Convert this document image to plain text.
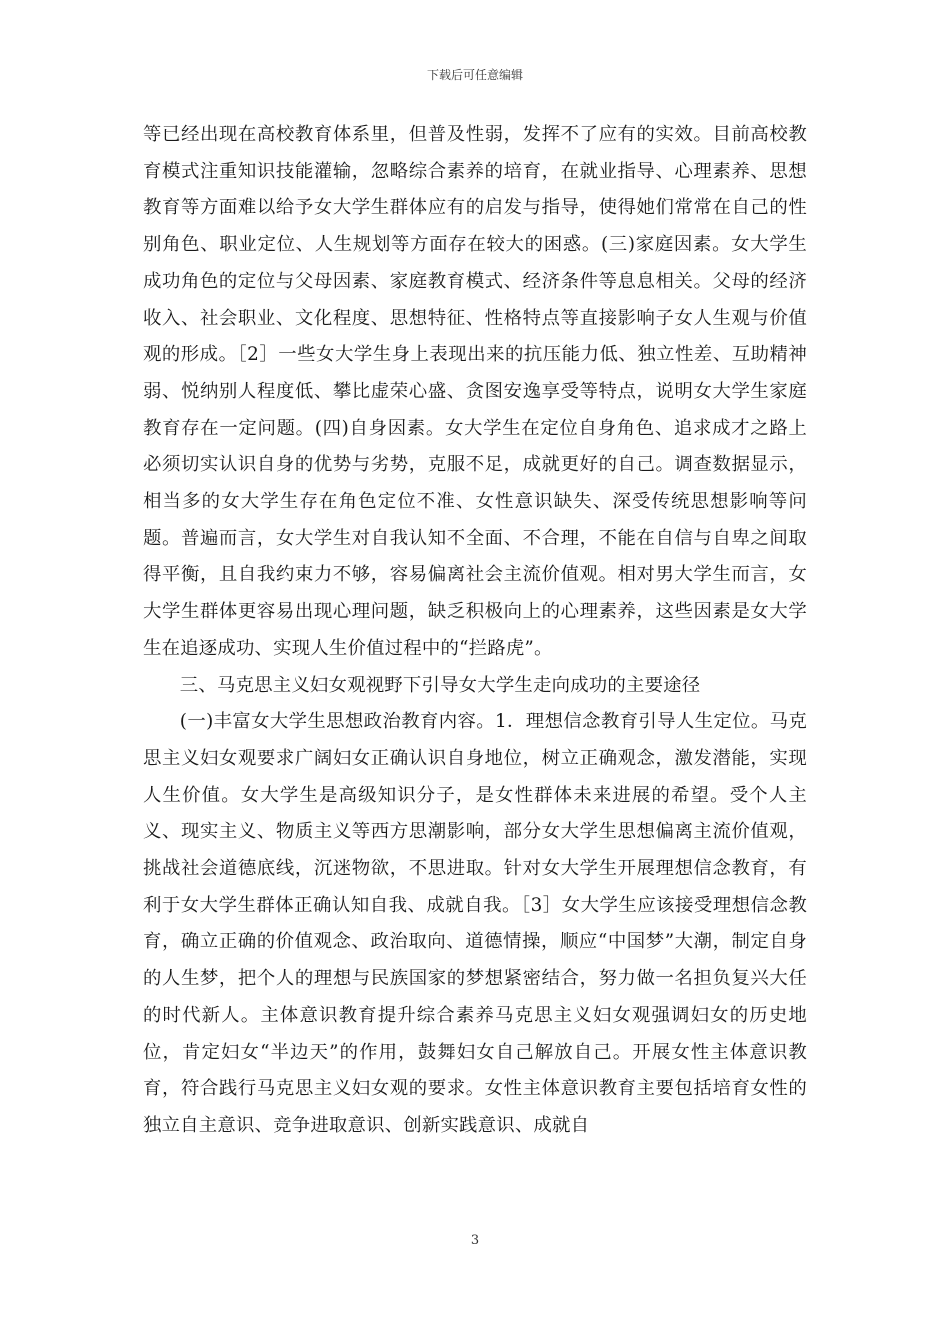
下载后可任意编辑

等已经出现在高校教育体系里，但普及性弱，发挥不了应有的实效。目前高校教育模式注重知识技能灌输，忽略综合素养的培育，在就业指导、心理素养、思想教育等方面难以给予女大学生群体应有的启发与指导，使得她们常常在自己的性别角色、职业定位、人生规划等方面存在较大的困惑。(三)家庭因素。女大学生成功角色的定位与父母因素、家庭教育模式、经济条件等息息相关。父母的经济收入、社会职业、文化程度、思想特征、性格特点等直接影响子女人生观与价值观的形成。［2］一些女大学生身上表现出来的抗压能力低、独立性差、互助精神弱、悦纳别人程度低、攀比虚荣心盛、贪图安逸享受等特点，说明女大学生家庭教育存在一定问题。(四)自身因素。女大学生在定位自身角色、追求成才之路上必须切实认识自身的优势与劣势，克服不足，成就更好的自己。调查数据显示，相当多的女大学生存在角色定位不准、女性意识缺失、深受传统思想影响等问题。普遍而言，女大学生对自我认知不全面、不合理，不能在自信与自卑之间取得平衡，且自我约束力不够，容易偏离社会主流价值观。相对男大学生而言，女大学生群体更容易出现心理问题，缺乏积极向上的心理素养，这些因素是女大学生在追逐成功、实现人生价值过程中的“拦路虎”。

三、马克思主义妇女观视野下引导女大学生走向成功的主要途径

(一)丰富女大学生思想政治教育内容。1．理想信念教育引导人生定位。马克思主义妇女观要求广阔妇女正确认识自身地位，树立正确观念，激发潜能，实现人生价值。女大学生是高级知识分子，是女性群体未来进展的希望。受个人主义、现实主义、物质主义等西方思潮影响，部分女大学生思想偏离主流价值观，挑战社会道德底线，沉迷物欲，不思进取。针对女大学生开展理想信念教育，有利于女大学生群体正确认知自我、成就自我。［3］女大学生应该接受理想信念教育，确立正确的价值观念、政治取向、道德情操，顺应“中国梦”大潮，制定自身的人生梦，把个人的理想与民族国家的梦想紧密结合，努力做一名担负复兴大任的时代新人。主体意识教育提升综合素养马克思主义妇女观强调妇女的历史地位，肯定妇女“半边天”的作用，鼓舞妇女自己解放自己。开展女性主体意识教育，符合践行马克思主义妇女观的要求。女性主体意识教育主要包括培育女性的独立自主意识、竞争进取意识、创新实践意识、成就自

3
